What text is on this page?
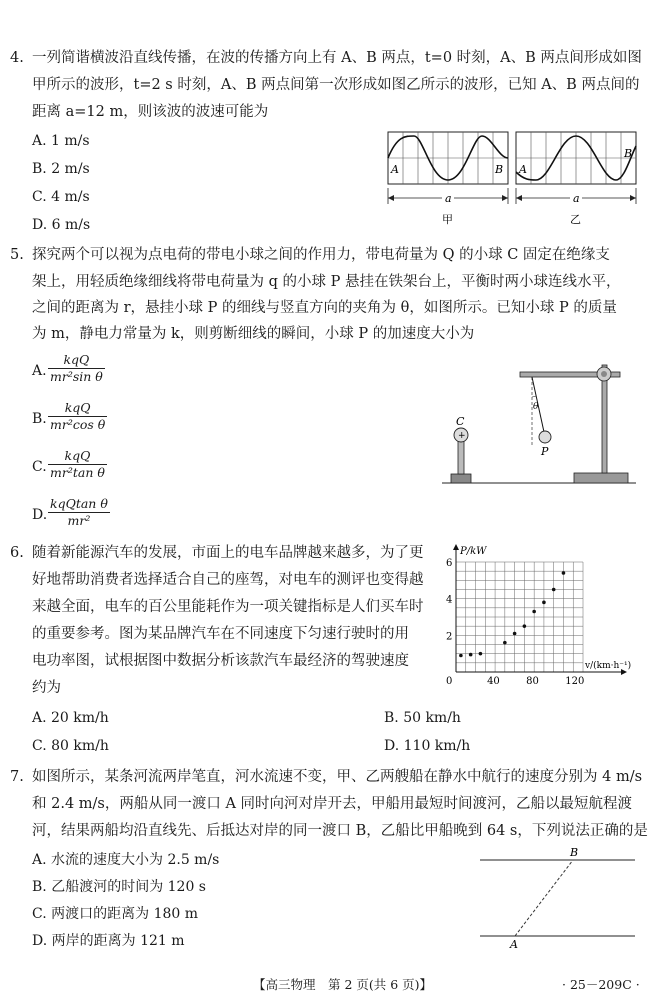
4. 一列简谐横波沿直线传播，在波的传播方向上有 A、B 两点，t=0 时刻，A、B 两点间形成如图
甲所示的波形，t=2 s 时刻，A、B 两点间第一次形成如图乙所示的波形，已知 A、B 两点间的
距离 a=12 m，则该波的波速可能为
A. 1 m/s
B. 2 m/s
C. 4 m/s
D. 6 m/s
A	B A
B
a	a
甲	乙
5. 探究两个可以视为点电荷的带电小球之间的作用力，带电荷量为 Q 的小球 C 固定在绝缘支
架上，用轻质绝缘细线将带电荷量为 q 的小球 P 悬挂在铁架台上，平衡时两小球连线水平，
之间的距离为 r，悬挂小球 P 的细线与竖直方向的夹角为 θ，如图所示。已知小球 P 的质量
为 m，静电力常量为 k，则剪断细线的瞬间，小球 P 的加速度大小为
A.
kqQ
mr²sin θ
B.
kqQ
mr²cos θ
C.
kqQ
mr²tan θ
D.
kqQtan θ
mr²
+
C
θ
P
6. 随着新能源汽车的发展，市面上的电车品牌越来越多，为了更
好地帮助消费者选择适合自己的座驾，对电车的测评也变得越
来越全面，电车的百公里能耗作为一项关键指标是人们买车时
的重要参考。图为某品牌汽车在不同速度下匀速行驶时的用
电功率图，试根据图中数据分析该款汽车最经济的驾驶速度
约为
A. 20 km/h	B. 50 km/h
C. 80 km/h	D. 110 km/h
40	80	120
2
4
6
P/kW
v/(km·h⁻¹)
0
7. 如图所示，某条河流两岸笔直，河水流速不变，甲、乙两艘船在静水中航行的速度分别为 4 m/s
和 2.4 m/s，两船从同一渡口 A 同时向河对岸开去，甲船用最短时间渡河，乙船以最短航程渡
河，结果两船均沿直线先、后抵达对岸的同一渡口 B，乙船比甲船晚到 64 s，下列说法正确的是
A. 水流的速度大小为 2.5 m/s
B. 乙船渡河的时间为 120 s
C. 两渡口的距离为 180 m
D. 两岸的距离为 121 m
B
A
【高三物理　第 2 页(共 6 页)】	· 25－209C ·
